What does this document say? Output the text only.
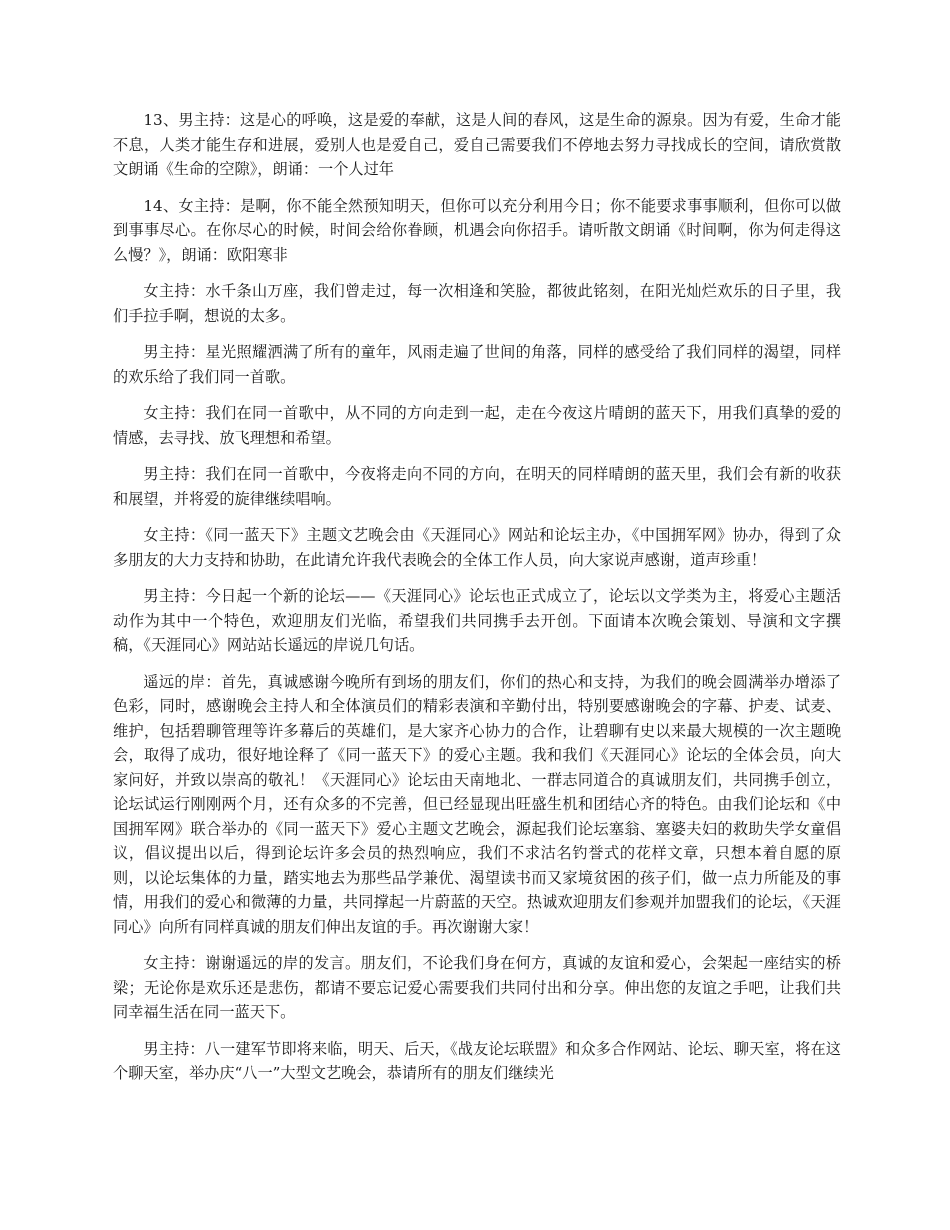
13、男主持：这是心的呼唤，这是爱的奉献，这是人间的春风，这是生命的源泉。因为有爱，生命才能不息，人类才能生存和进展，爱别人也是爱自己，爱自己需要我们不停地去努力寻找成长的空间，请欣赏散文朗诵《生命的空隙》，朗诵：一个人过年

14、女主持：是啊，你不能全然预知明天，但你可以充分利用今日；你不能要求事事顺利，但你可以做到事事尽心。在你尽心的时候，时间会给你眷顾，机遇会向你招手。请听散文朗诵《时间啊，你为何走得这么慢？》，朗诵：欧阳寒非

女主持：水千条山万座，我们曾走过，每一次相逢和笑脸，都彼此铭刻，在阳光灿烂欢乐的日子里，我们手拉手啊，想说的太多。

男主持：星光照耀洒满了所有的童年，风雨走遍了世间的角落，同样的感受给了我们同样的渴望，同样的欢乐给了我们同一首歌。

女主持：我们在同一首歌中，从不同的方向走到一起，走在今夜这片晴朗的蓝天下，用我们真挚的爱的情感，去寻找、放飞理想和希望。

男主持：我们在同一首歌中，今夜将走向不同的方向，在明天的同样晴朗的蓝天里，我们会有新的收获和展望，并将爱的旋律继续唱响。

女主持：《同一蓝天下》主题文艺晚会由《天涯同心》网站和论坛主办，《中国拥军网》协办，得到了众多朋友的大力支持和协助，在此请允许我代表晚会的全体工作人员，向大家说声感谢，道声珍重！

男主持：今日起一个新的论坛——《天涯同心》论坛也正式成立了，论坛以文学类为主，将爱心主题活动作为其中一个特色，欢迎朋友们光临，希望我们共同携手去开创。下面请本次晚会策划、导演和文字撰稿，《天涯同心》网站站长遥远的岸说几句话。

遥远的岸：首先，真诚感谢今晚所有到场的朋友们，你们的热心和支持，为我们的晚会圆满举办增添了色彩，同时，感谢晚会主持人和全体演员们的精彩表演和辛勤付出，特别要感谢晚会的字幕、护麦、试麦、维护，包括碧聊管理等许多幕后的英雄们，是大家齐心协力的合作，让碧聊有史以来最大规模的一次主题晚会，取得了成功，很好地诠释了《同一蓝天下》的爱心主题。我和我们《天涯同心》论坛的全体会员，向大家问好，并致以崇高的敬礼！《天涯同心》论坛由天南地北、一群志同道合的真诚朋友们，共同携手创立，论坛试运行刚刚两个月，还有众多的不完善，但已经显现出旺盛生机和团结心齐的特色。由我们论坛和《中国拥军网》联合举办的《同一蓝天下》爱心主题文艺晚会，源起我们论坛塞翁、塞婆夫妇的救助失学女童倡议，倡议提出以后，得到论坛许多会员的热烈响应，我们不求沽名钓誉式的花样文章，只想本着自愿的原则，以论坛集体的力量，踏实地去为那些品学兼优、渴望读书而又家境贫困的孩子们，做一点力所能及的事情，用我们的爱心和微薄的力量，共同撑起一片蔚蓝的天空。热诚欢迎朋友们参观并加盟我们的论坛，《天涯同心》向所有同样真诚的朋友们伸出友谊的手。再次谢谢大家！

女主持：谢谢遥远的岸的发言。朋友们，不论我们身在何方，真诚的友谊和爱心，会架起一座结实的桥梁；无论你是欢乐还是悲伤，都请不要忘记爱心需要我们共同付出和分享。伸出您的友谊之手吧，让我们共同幸福生活在同一蓝天下。

男主持：八一建军节即将来临，明天、后天，《战友论坛联盟》和众多合作网站、论坛、聊天室，将在这个聊天室，举办庆“八一”大型文艺晚会，恭请所有的朋友们继续光
